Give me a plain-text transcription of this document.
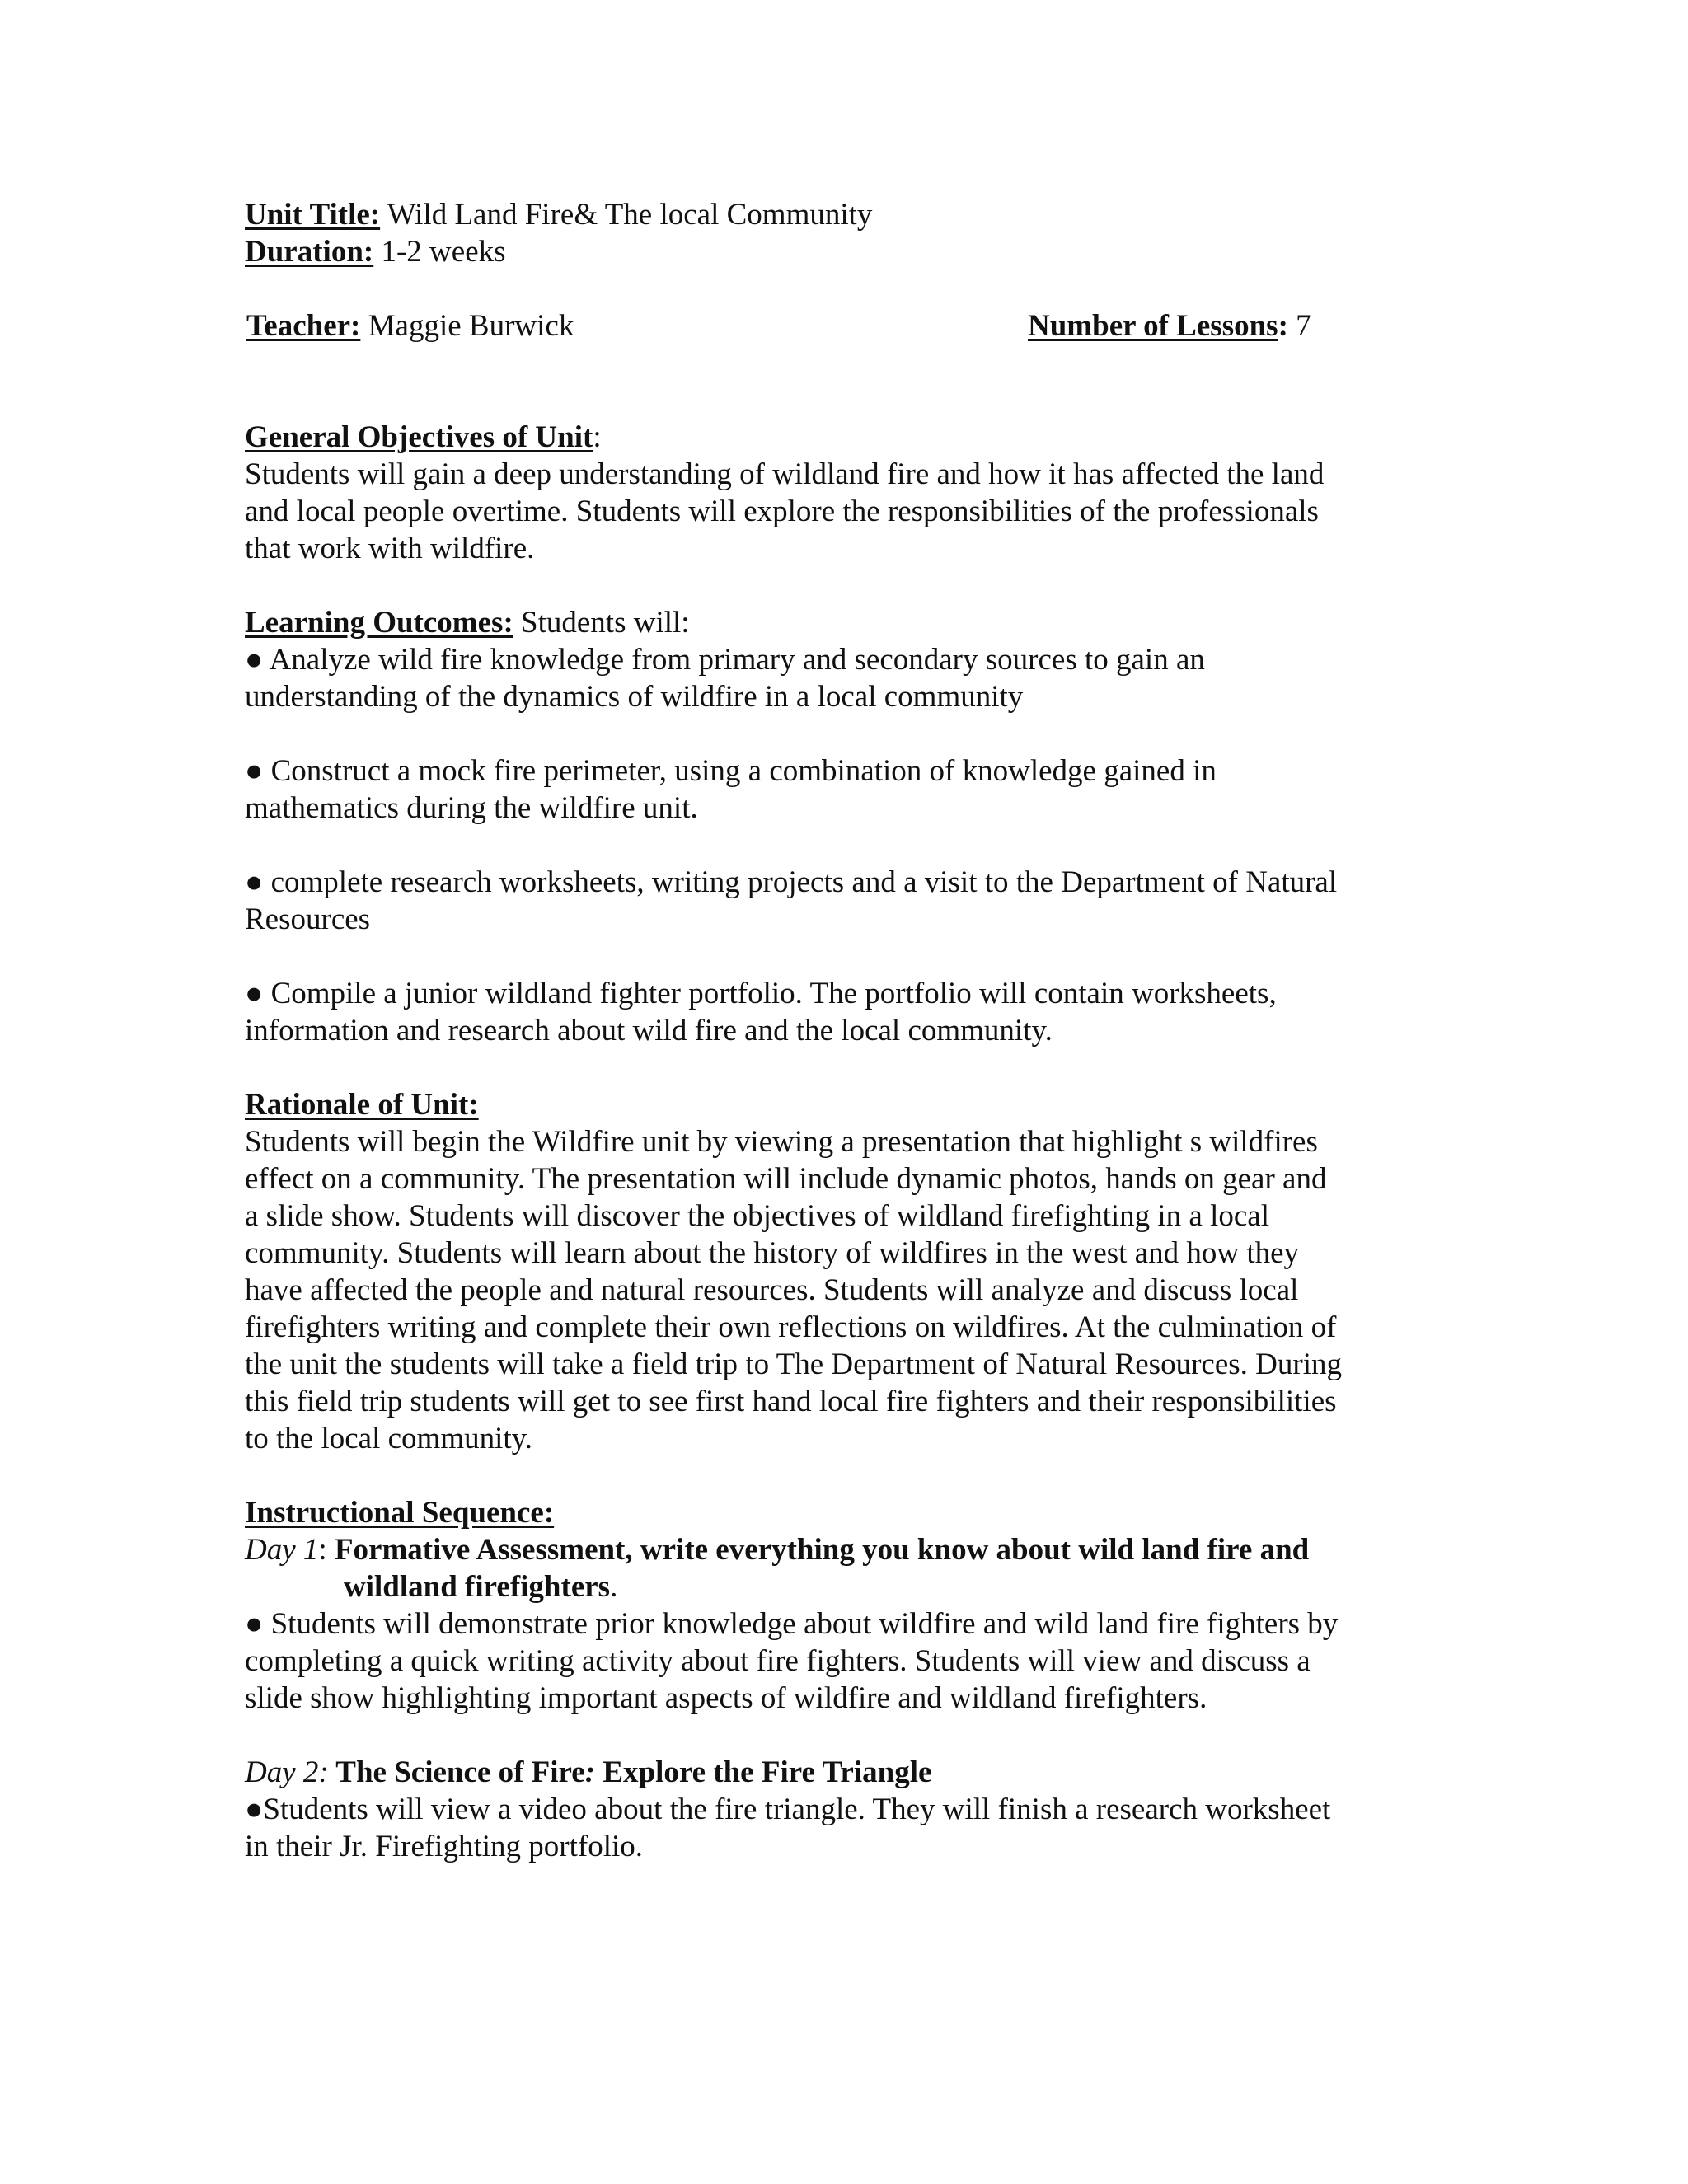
Unit Title: Wild Land Fire& The local Community
Duration: 1-2 weeks
Teacher: Maggie Burwick	Number of Lessons: 7
General Objectives of Unit:
Students will gain a deep understanding of wildland fire and how it has affected the land
and local people overtime. Students will explore the responsibilities of the professionals
that work with wildfire.
Learning Outcomes: Students will:
● Analyze wild fire knowledge from primary and secondary sources to gain an
understanding of the dynamics of wildfire in a local community
● Construct a mock fire perimeter, using a combination of knowledge gained in
mathematics during the wildfire unit.
● complete research worksheets, writing projects and a visit to the Department of Natural
Resources
● Compile a junior wildland fighter portfolio. The portfolio will contain worksheets,
information and research about wild fire and the local community.
Rationale of Unit:
Students will begin the Wildfire unit by viewing a presentation that highlight s wildfires
effect on a community. The presentation will include dynamic photos, hands on gear and
a slide show. Students will discover the objectives of wildland firefighting in a local
community. Students will learn about the history of wildfires in the west and how they
have affected the people and natural resources. Students will analyze and discuss local
firefighters writing and complete their own reflections on wildfires. At the culmination of
the unit the students will take a field trip to The Department of Natural Resources. During
this field trip students will get to see first hand local fire fighters and their responsibilities
to the local community.
Instructional Sequence:
Day 1: Formative Assessment, write everything you know about wild land fire and
wildland firefighters.
● Students will demonstrate prior knowledge about wildfire and wild land fire fighters by
completing a quick writing activity about fire fighters. Students will view and discuss a
slide show highlighting important aspects of wildfire and wildland firefighters.
Day 2: The Science of Fire: Explore the Fire Triangle
●Students will view a video about the fire triangle. They will finish a research worksheet
in their Jr. Firefighting portfolio.
